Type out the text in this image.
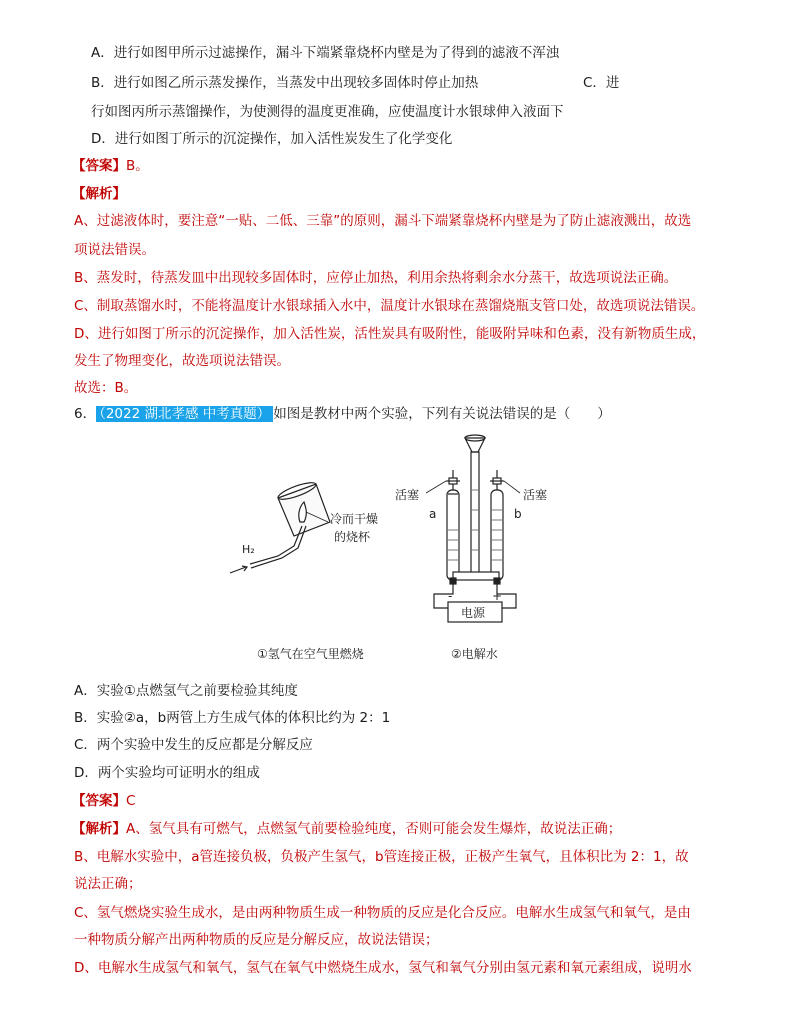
A．进行如图甲所示过滤操作，漏斗下端紧靠烧杯内壁是为了得到的滤液不浑浊
B．进行如图乙所示蒸发操作，当蒸发中出现较多固体时停止加热	C．进
行如图丙所示蒸馏操作，为使测得的温度更准确，应使温度计水银球伸入液面下
D．进行如图丁所示的沉淀操作，加入活性炭发生了化学变化
【答案】B。
【解析】
A、过滤液体时，要注意“一贴、二低、三靠”的原则，漏斗下端紧靠烧杯内壁是为了防止滤液溅出，故选
项说法错误。
B、蒸发时，待蒸发皿中出现较多固体时，应停止加热，利用余热将剩余水分蒸干，故选项说法正确。
C、制取蒸馏水时，不能将温度计水银球插入水中，温度计水银球在蒸馏烧瓶支管口处，故选项说法错误。
D、进行如图丁所示的沉淀操作，加入活性炭，活性炭具有吸附性，能吸附异味和色素，没有新物质生成，
发生了物理变化，故选项说法错误。
故选：B。
6． （2022 湖北孝感 中考真题） 如图是教材中两个实验，下列有关说法错误的是（　　）
冷而干燥
的烧杯
H₂
活塞	活塞
a	b
-	+
电源
①氢气在空气里燃烧	②电解水
A．实验①点燃氢气之前要检验其纯度
B．实验②a，b两管上方生成气体的体积比约为 2：1
C．两个实验中发生的反应都是分解反应
D．两个实验均可证明水的组成
【答案】C
【解析】A、氢气具有可燃气，点燃氢气前要检验纯度，否则可能会发生爆炸，故说法正确；
B、电解水实验中，a管连接负极，负极产生氢气，b管连接正极，正极产生氧气，且体积比为 2：1，故
说法正确；
C、氢气燃烧实验生成水，是由两种物质生成一种物质的反应是化合反应。电解水生成氢气和氧气，是由
一种物质分解产出两种物质的反应是分解反应，故说法错误；
D、电解水生成氢气和氧气，氢气在氧气中燃烧生成水，氢气和氧气分别由氢元素和氧元素组成，说明水
